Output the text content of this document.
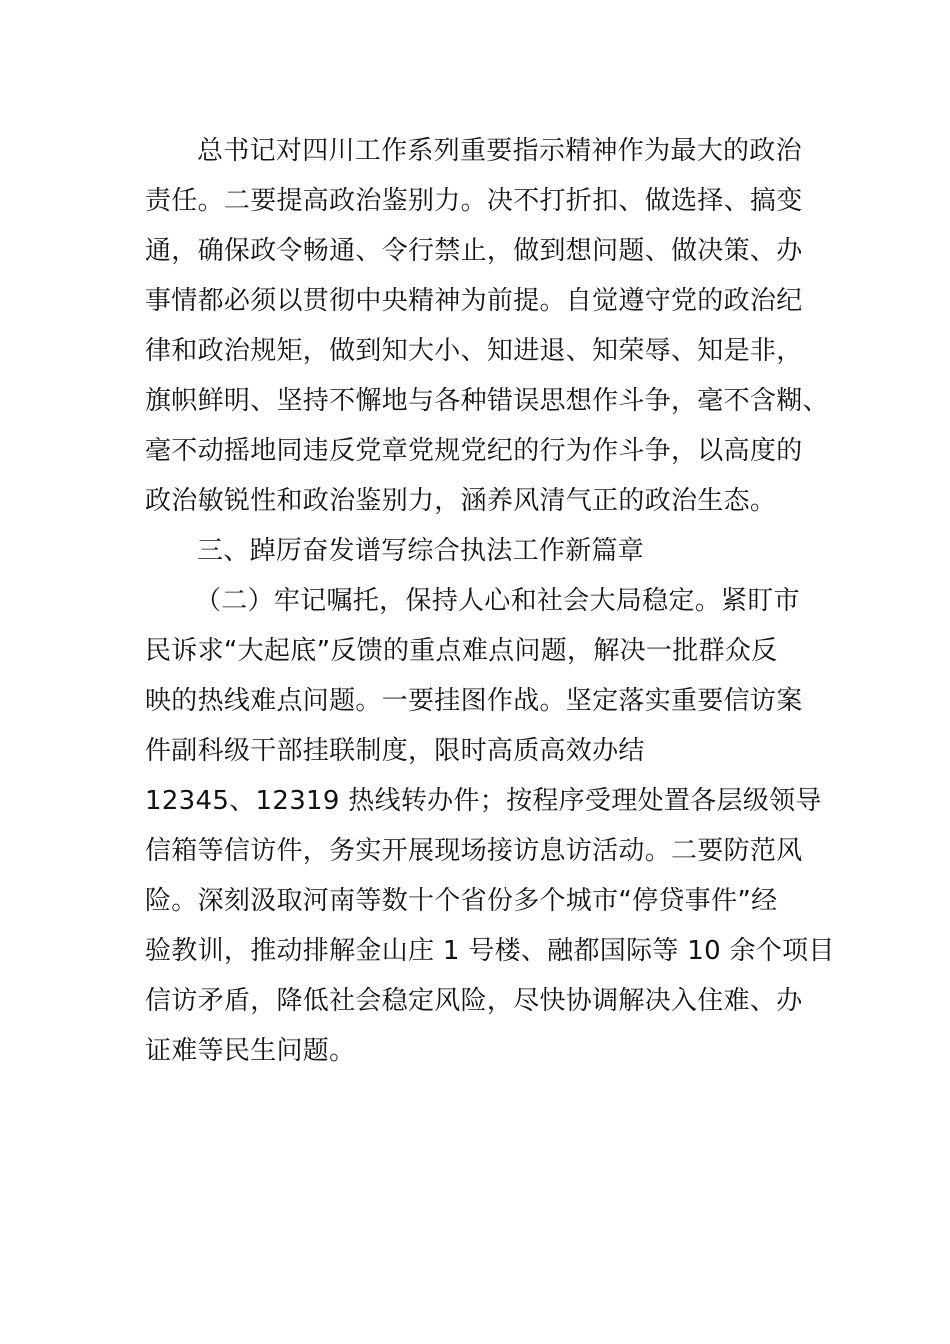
总书记对四川工作系列重要指示精神作为最大的政治
责任。二要提高政治鉴别力。决不打折扣、做选择、搞变
通，确保政令畅通、令行禁止，做到想问题、做决策、办
事情都必须以贯彻中央精神为前提。自觉遵守党的政治纪
律和政治规矩，做到知大小、知进退、知荣辱、知是非，
旗帜鲜明、坚持不懈地与各种错误思想作斗争，毫不含糊、
毫不动摇地同违反党章党规党纪的行为作斗争，以高度的
政治敏锐性和政治鉴别力，涵养风清气正的政治生态。
三、踔厉奋发谱写综合执法工作新篇章
（二）牢记嘱托，保持人心和社会大局稳定。紧盯市
民诉求“大起底”反馈的重点难点问题，解决一批群众反
映的热线难点问题。一要挂图作战。坚定落实重要信访案
件副科级干部挂联制度，限时高质高效办结
12345、12319 热线转办件；按程序受理处置各层级领导
信箱等信访件，务实开展现场接访息访活动。二要防范风
险。深刻汲取河南等数十个省份多个城市“停贷事件”经
验教训，推动排解金山庄 1 号楼、融都国际等 10 余个项目
信访矛盾，降低社会稳定风险，尽快协调解决入住难、办
证难等民生问题。
